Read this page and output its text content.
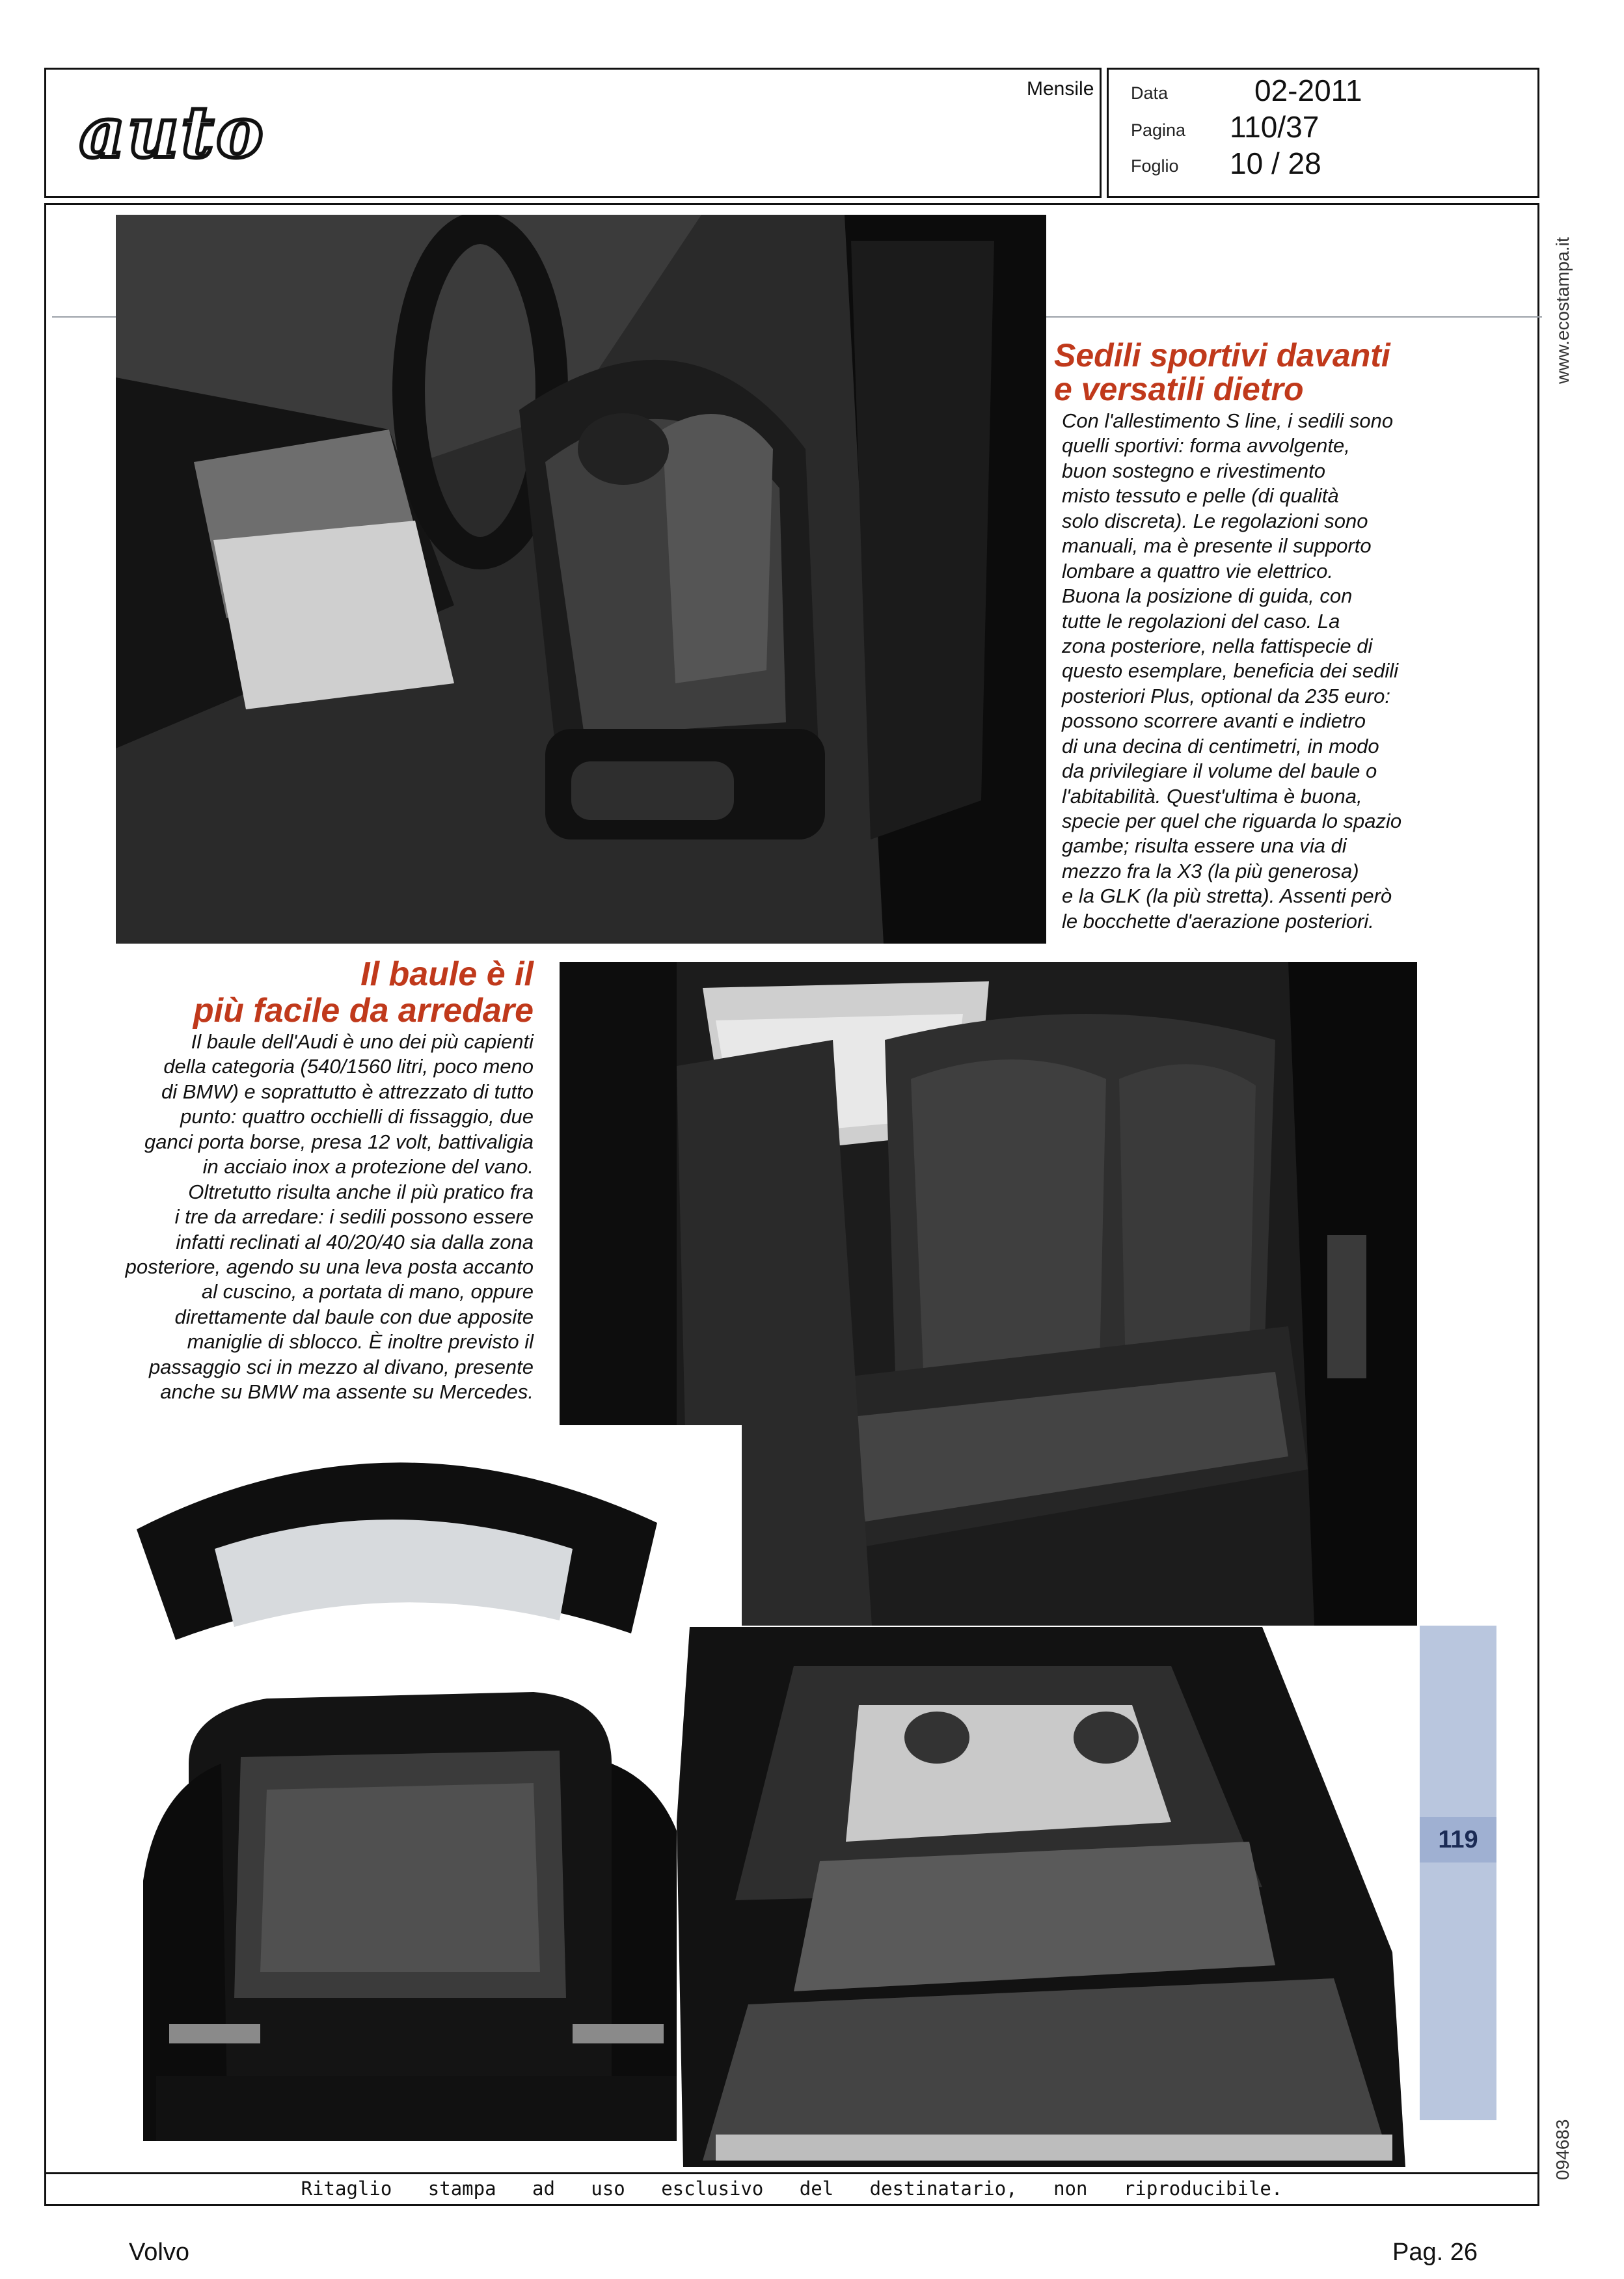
auto
Mensile Data	02-2011
Pagina 110/37
Foglio 10 / 28
www.ecostampa.it
094683
Sedili sportivi davanti
e versatili dietro
Con l'allestimento S line, i sedili sono
quelli sportivi: forma avvolgente,
buon sostegno e rivestimento
misto tessuto e pelle (di qualità
solo discreta). Le regolazioni sono
manuali, ma è presente il supporto
lombare a quattro vie elettrico.
Buona la posizione di guida, con
tutte le regolazioni del caso. La
zona posteriore, nella fattispecie di
questo esemplare, beneficia dei sedili
posteriori Plus, optional da 235 euro:
possono scorrere avanti e indietro
di una decina di centimetri, in modo
da privilegiare il volume del baule o
l'abitabilità. Quest'ultima è buona,
specie per quel che riguarda lo spazio
gambe; risulta essere una via di
mezzo fra la X3 (la più generosa)
e la GLK (la più stretta). Assenti però
le bocchette d'aerazione posteriori.
Il baule è il
più facile da arredare
Il baule dell'Audi è uno dei più capienti
della categoria (540/1560 litri, poco meno
di BMW) e soprattutto è attrezzato di tutto
punto: quattro occhielli di fissaggio, due
ganci porta borse, presa 12 volt, battivaligia
in acciaio inox a protezione del vano.
Oltretutto risulta anche il più pratico fra
i tre da arredare: i sedili possono essere
infatti reclinati al 40/20/40 sia dalla zona
posteriore, agendo su una leva posta accanto
al cuscino, a portata di mano, oppure
direttamente dal baule con due apposite
maniglie di sblocco. È inoltre previsto il
passaggio sci in mezzo al divano, presente
anche su BMW ma assente su Mercedes.
119
Ritaglio stampa ad uso esclusivo del destinatario, non riproducibile.
Volvo	Pag. 26
